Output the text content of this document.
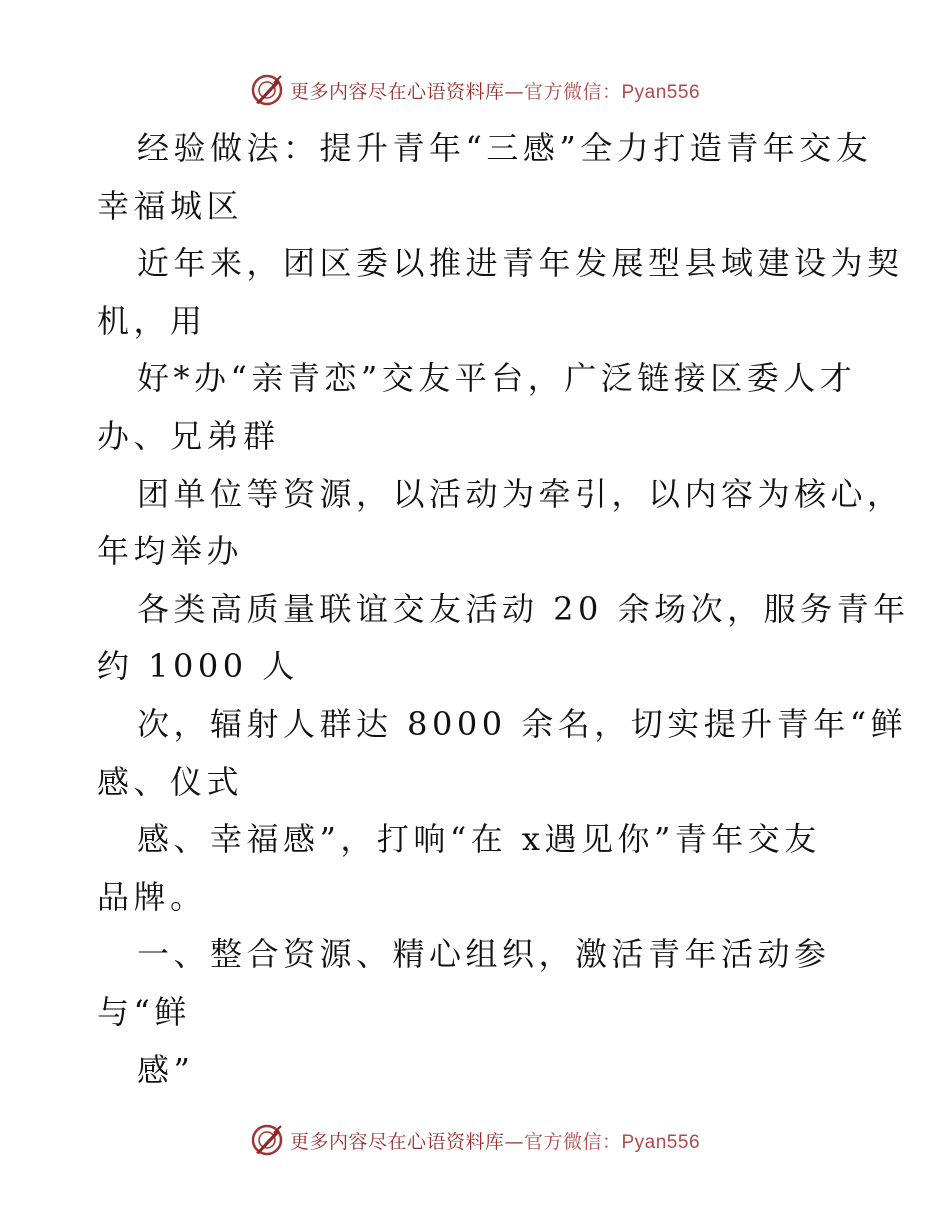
更多内容尽在心语资料库—官方微信：Pyan556
经验做法：提升青年“三感”全力打造青年交友
幸福城区
近年来，团区委以推进青年发展型县域建设为契
机，用
好*办“亲青恋”交友平台，广泛链接区委人才
办、兄弟群
团单位等资源，以活动为牵引，以内容为核心，
年均举办
各类高质量联谊交友活动 20 余场次，服务青年
约 1000 人
次，辐射人群达 8000 余名，切实提升青年“鲜
感、仪式
感、幸福感”，打响“在 x遇见你”青年交友
品牌。
一、整合资源、精心组织，激活青年活动参
与“鲜
感”
更多内容尽在心语资料库—官方微信：Pyan556
